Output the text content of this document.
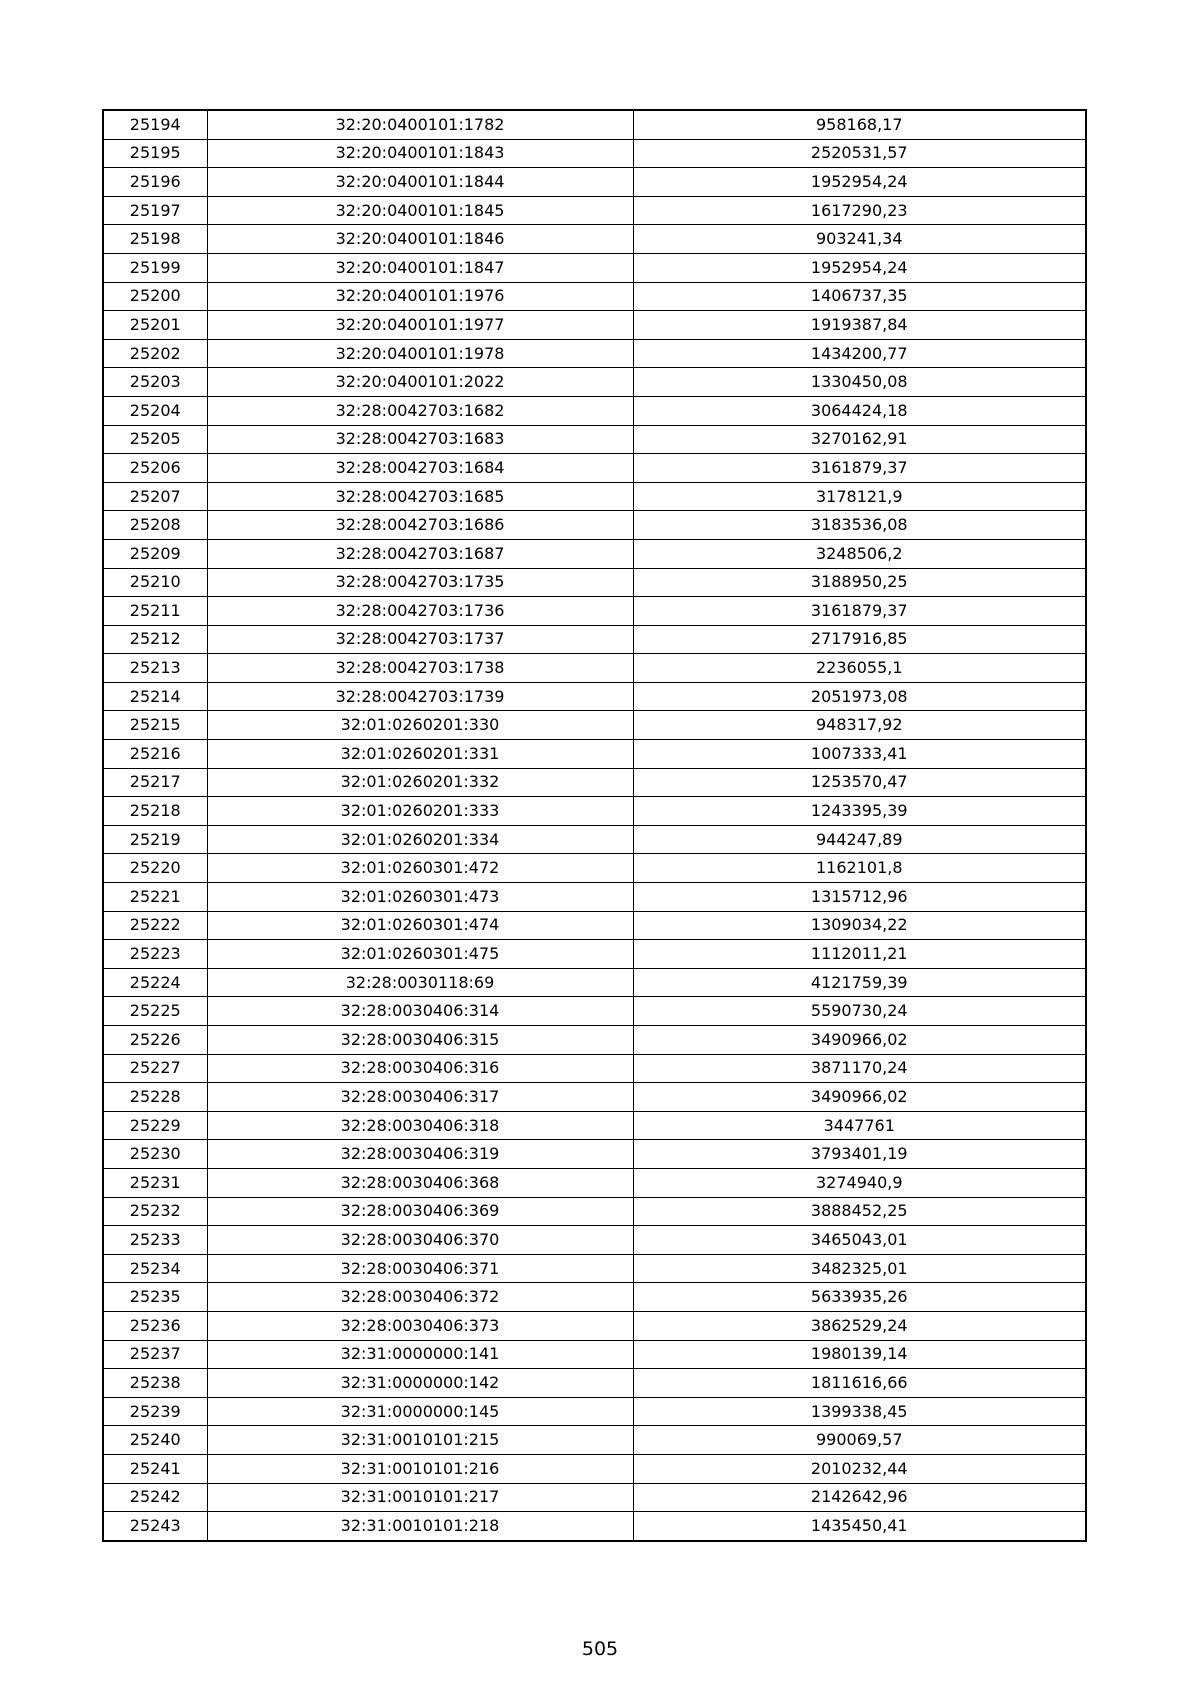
25194	32:20:0400101:1782	958168,17
25195	32:20:0400101:1843	2520531,57
25196	32:20:0400101:1844	1952954,24
25197	32:20:0400101:1845	1617290,23
25198	32:20:0400101:1846	903241,34
25199	32:20:0400101:1847	1952954,24
25200	32:20:0400101:1976	1406737,35
25201	32:20:0400101:1977	1919387,84
25202	32:20:0400101:1978	1434200,77
25203	32:20:0400101:2022	1330450,08
25204	32:28:0042703:1682	3064424,18
25205	32:28:0042703:1683	3270162,91
25206	32:28:0042703:1684	3161879,37
25207	32:28:0042703:1685	3178121,9
25208	32:28:0042703:1686	3183536,08
25209	32:28:0042703:1687	3248506,2
25210	32:28:0042703:1735	3188950,25
25211	32:28:0042703:1736	3161879,37
25212	32:28:0042703:1737	2717916,85
25213	32:28:0042703:1738	2236055,1
25214	32:28:0042703:1739	2051973,08
25215	32:01:0260201:330	948317,92
25216	32:01:0260201:331	1007333,41
25217	32:01:0260201:332	1253570,47
25218	32:01:0260201:333	1243395,39
25219	32:01:0260201:334	944247,89
25220	32:01:0260301:472	1162101,8
25221	32:01:0260301:473	1315712,96
25222	32:01:0260301:474	1309034,22
25223	32:01:0260301:475	1112011,21
25224	32:28:0030118:69	4121759,39
25225	32:28:0030406:314	5590730,24
25226	32:28:0030406:315	3490966,02
25227	32:28:0030406:316	3871170,24
25228	32:28:0030406:317	3490966,02
25229	32:28:0030406:318	3447761
25230	32:28:0030406:319	3793401,19
25231	32:28:0030406:368	3274940,9
25232	32:28:0030406:369	3888452,25
25233	32:28:0030406:370	3465043,01
25234	32:28:0030406:371	3482325,01
25235	32:28:0030406:372	5633935,26
25236	32:28:0030406:373	3862529,24
25237	32:31:0000000:141	1980139,14
25238	32:31:0000000:142	1811616,66
25239	32:31:0000000:145	1399338,45
25240	32:31:0010101:215	990069,57
25241	32:31:0010101:216	2010232,44
25242	32:31:0010101:217	2142642,96
25243	32:31:0010101:218	1435450,41
505
